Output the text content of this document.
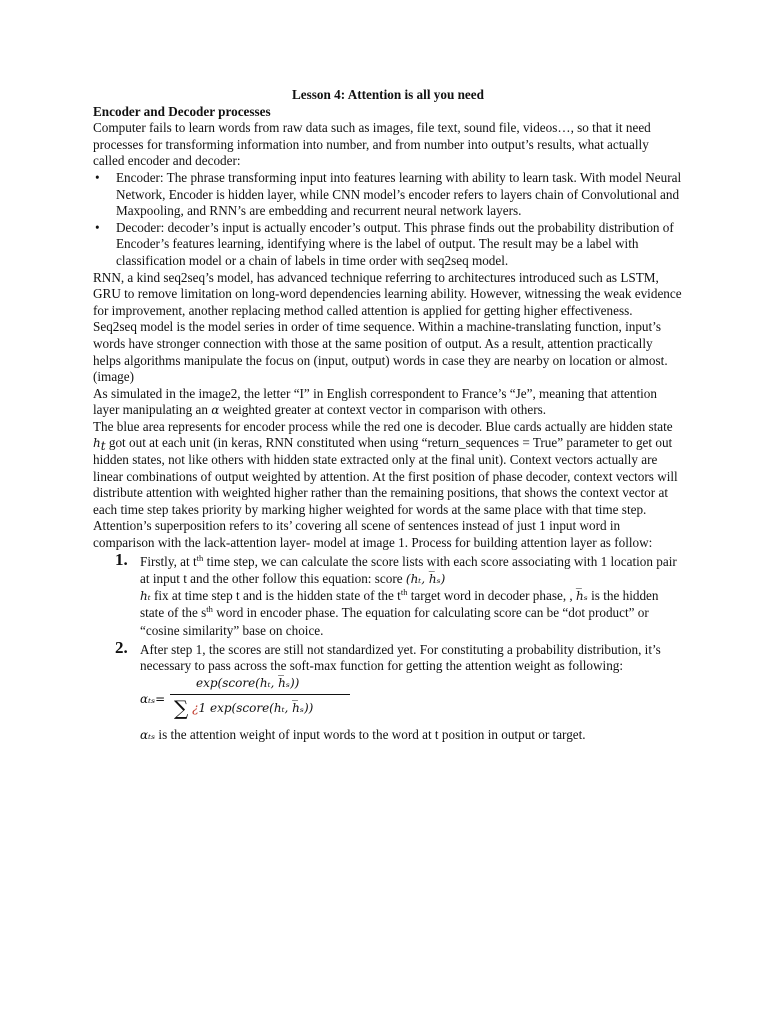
Lesson 4: Attention is all you need

Encoder and Decoder processes

Computer fails to learn words from raw data such as images, file text, sound file, videos…, so that it need processes for transforming information into number, and from number into output’s results, what actually called encoder and decoder:

• Encoder: The phrase transforming input into features learning with ability to learn task. With model Neural Network, Encoder is hidden layer, while CNN model’s encoder refers to layers chain of Convolutional and Maxpooling, and RNN’s are embedding and recurrent neural network layers.
• Decoder: decoder’s input is actually encoder’s output. This phrase finds out the probability distribution of Encoder’s features learning, identifying where is the label of output. The result may be a label with classification model or a chain of labels in time order with seq2seq model.

RNN, a kind seq2seq’s model, has advanced technique referring to architectures introduced such as LSTM, GRU to remove limitation on long-word dependencies learning ability. However, witnessing the weak evidence for improvement, another replacing method called attention is applied for getting higher effectiveness.

Seq2seq model is the model series in order of time sequence. Within a machine-translating function, input’s words have stronger connection with those at the same position of output. As a result, attention practically helps algorithms manipulate the focus on (input, output) words in case they are nearby on location or almost.

(image)

As simulated in the image2, the letter “I” in English correspondent to France’s “Je”, meaning that attention layer manipulating an α weighted greater at context vector in comparison with others.

The blue area represents for encoder process while the red one is decoder. Blue cards actually are hidden state ht got out at each unit (in keras, RNN constituted when using “return_sequences = True” parameter to get out hidden states, not like others with hidden state extracted only at the final unit). Context vectors actually are linear combinations of output weighted by attention. At the first position of phase decoder, context vectors will distribute attention with weighted higher rather than the remaining positions, that shows the context vector at each time step takes priority by marking higher weighted for words at the same place with that time step. Attention’s superposition refers to its’ covering all scene of sentences instead of just 1 input word in comparison with the lack-attention layer- model at image 1. Process for building attention layer as follow:

1. Firstly, at $t^{th}$ time step, we can calculate the score lists with each score associating with 1 location pair at input t and the other follow this equation: score (hₜ, h̅ₛ)
hₜ fix at time step t and is the hidden state of the $t^{th}$ target word in decoder phase, , h̅ₛ is the hidden state of the $s^{th}$ word in encoder phase. The equation for calculating score can be “dot product” or “cosine similarity” base on choice.
2. After step 1, the scores are still not standardized yet. For constituting a probability distribution, it’s necessary to pass across the soft-max function for getting the attention weight as following:
αₜₛ=
exp(score(hₜ, h̅ₛ))
∑ ¿1 exp(score(hₜ, h̅ₛ))

αₜₛ is the attention weight of input words to the word at t position in output or target.
